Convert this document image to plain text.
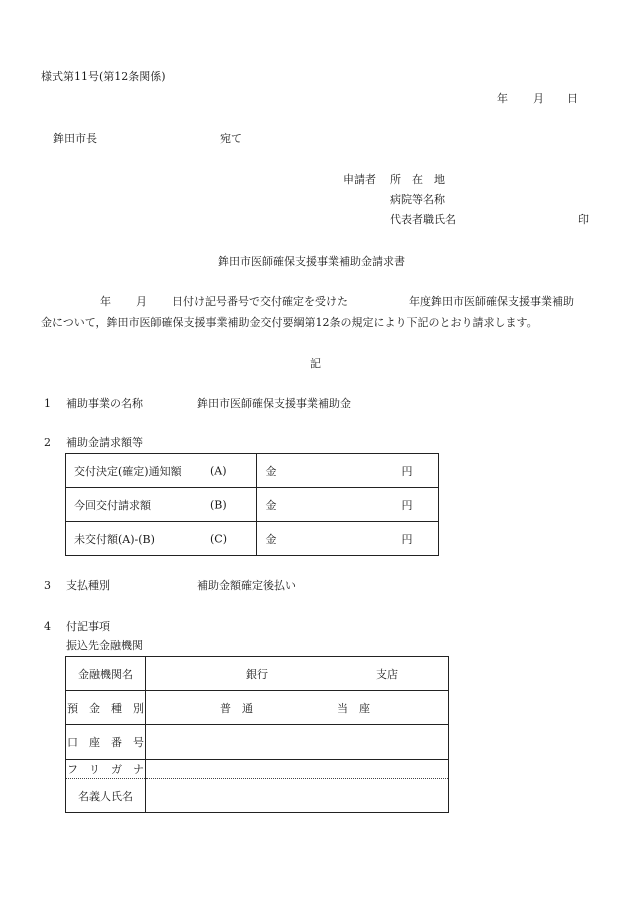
様式第11号(第12条関係)
年 月 日
鉾田市長	宛て
申請者 所　在　地
病院等名称
代表者職氏名	印
鉾田市医師確保支援事業補助金請求書
年 月 日付け記号番号で交付確定を受けた	年度鉾田市医師確保支援事業補助
金について，鉾田市医師確保支援事業補助金交付要綱第12条の規定により下記のとおり請求します。
記
1 補助事業の名称	鉾田市医師確保支援事業補助金
2 補助金請求額等
交付決定(確定)通知額 (A)	金 円

今回交付請求額 (B)	金 円

未交付額(A)-(B) (C)	金 円
3 支払種別	補助金額確定後払い
4 付記事項
振込先金融機関
金融機関名	銀行 支店

預　金　種　別	普　通 当　座

口　座　番　号	
フ　リ　ガ　ナ	
名義人氏名	
